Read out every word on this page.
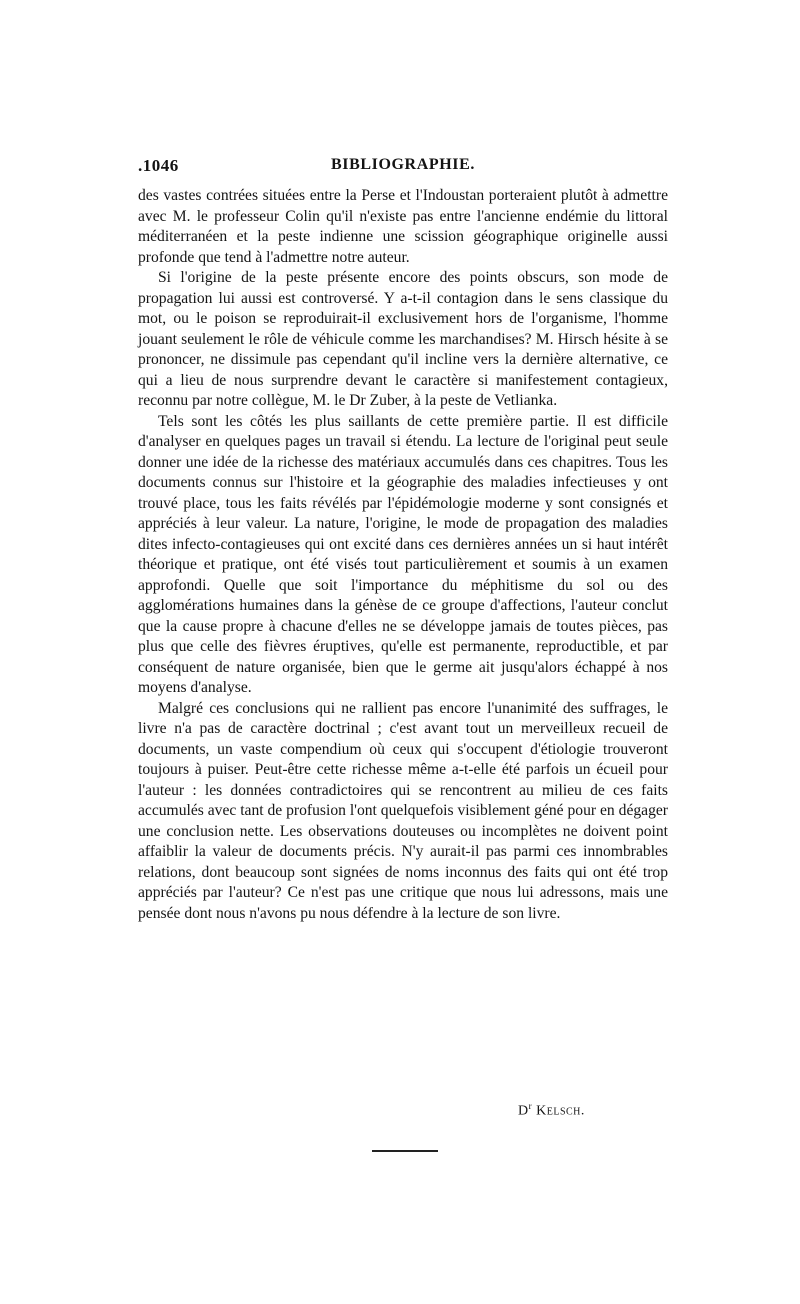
.1046	BIBLIOGRAPHIE.

des vastes contrées situées entre la Perse et l'Indoustan porteraient plutôt à admettre avec M. le professeur Colin qu'il n'existe pas entre l'ancienne endémie du littoral méditerranéen et la peste indienne une scission géographique originelle aussi profonde que tend à l'admettre notre auteur.

Si l'origine de la peste présente encore des points obscurs, son mode de propagation lui aussi est controversé. Y a-t-il contagion dans le sens classique du mot, ou le poison se reproduirait-il exclusivement hors de l'organisme, l'homme jouant seulement le rôle de véhicule comme les marchandises? M. Hirsch hésite à se prononcer, ne dissimule pas cependant qu'il incline vers la dernière alternative, ce qui a lieu de nous surprendre devant le caractère si manifestement contagieux, reconnu par notre collègue, M. le Dr Zuber, à la peste de Vetlianka.

Tels sont les côtés les plus saillants de cette première partie. Il est difficile d'analyser en quelques pages un travail si étendu. La lecture de l'original peut seule donner une idée de la richesse des matériaux accumulés dans ces chapitres. Tous les documents connus sur l'histoire et la géographie des maladies infectieuses y ont trouvé place, tous les faits révélés par l'épidémologie moderne y sont consignés et appréciés à leur valeur. La nature, l'origine, le mode de propagation des maladies dites infecto-contagieuses qui ont excité dans ces dernières années un si haut intérêt théorique et pratique, ont été visés tout particulièrement et soumis à un examen approfondi. Quelle que soit l'importance du méphitisme du sol ou des agglomérations humaines dans la génèse de ce groupe d'affections, l'auteur conclut que la cause propre à chacune d'elles ne se développe jamais de toutes pièces, pas plus que celle des fièvres éruptives, qu'elle est permanente, reproductible, et par conséquent de nature organisée, bien que le germe ait jusqu'alors échappé à nos moyens d'analyse.

Malgré ces conclusions qui ne rallient pas encore l'unanimité des suffrages, le livre n'a pas de caractère doctrinal ; c'est avant tout un merveilleux recueil de documents, un vaste compendium où ceux qui s'occupent d'étiologie trouveront toujours à puiser. Peut-être cette richesse même a-t-elle été parfois un écueil pour l'auteur : les données contradictoires qui se rencontrent au milieu de ces faits accumulés avec tant de profusion l'ont quelquefois visiblement géné pour en dégager une conclusion nette. Les observations douteuses ou incomplètes ne doivent point affaiblir la valeur de documents précis. N'y aurait-il pas parmi ces innombrables relations, dont beaucoup sont signées de noms inconnus des faits qui ont été trop appréciés par l'auteur? Ce n'est pas une critique que nous lui adressons, mais une pensée dont nous n'avons pu nous défendre à la lecture de son livre.

$D^r$ Kelsch.
